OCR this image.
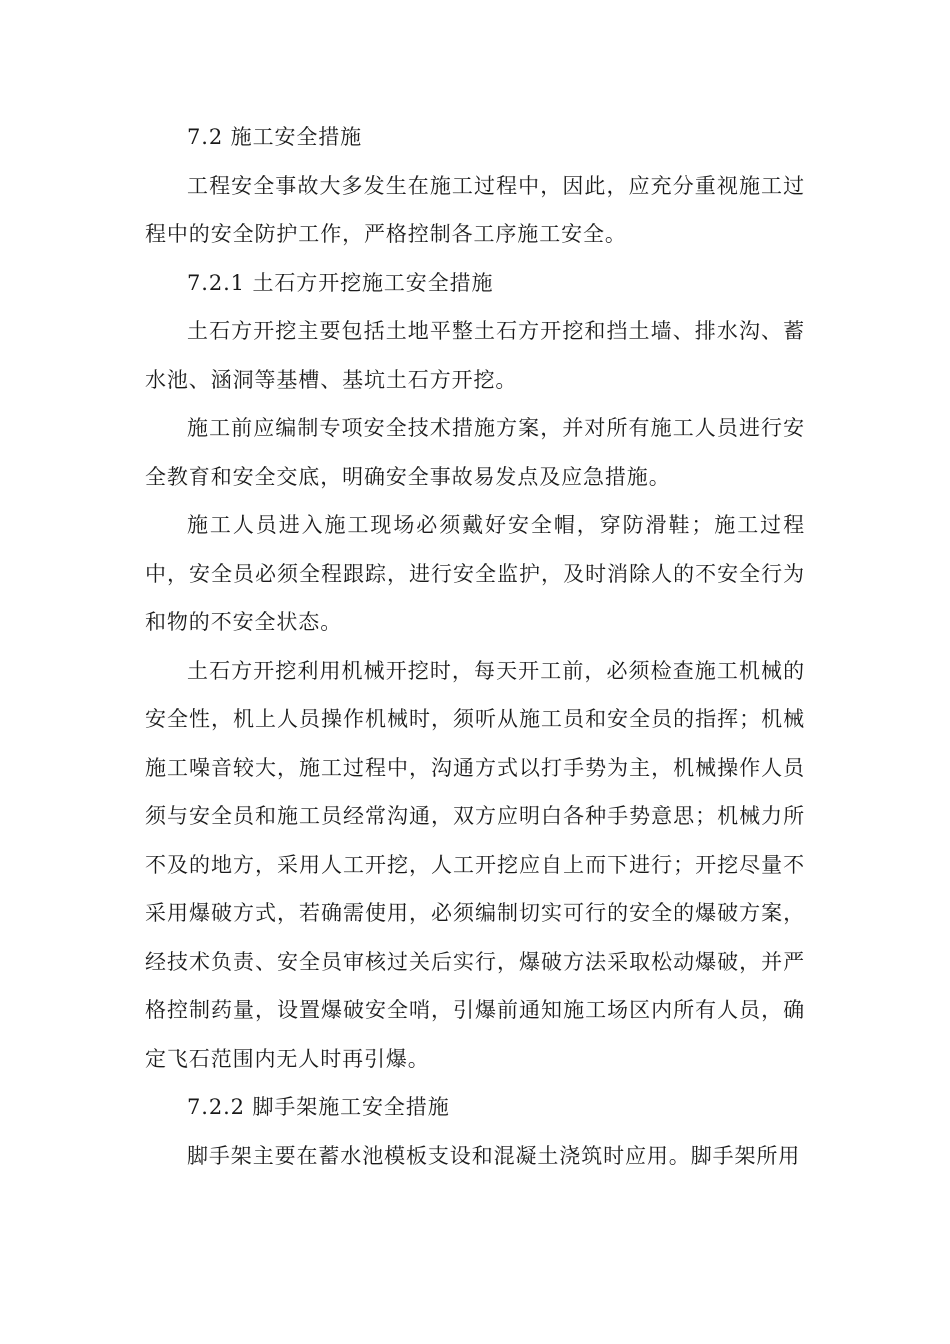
7.2 施工安全措施

工程安全事故大多发生在施工过程中，因此，应充分重视施工过程中的安全防护工作，严格控制各工序施工安全。

7.2.1 土石方开挖施工安全措施

土石方开挖主要包括土地平整土石方开挖和挡土墙、排水沟、蓄水池、涵洞等基槽、基坑土石方开挖。

施工前应编制专项安全技术措施方案，并对所有施工人员进行安全教育和安全交底，明确安全事故易发点及应急措施。

施工人员进入施工现场必须戴好安全帽，穿防滑鞋；施工过程中，安全员必须全程跟踪，进行安全监护，及时消除人的不安全行为和物的不安全状态。

土石方开挖利用机械开挖时，每天开工前，必须检查施工机械的安全性，机上人员操作机械时，须听从施工员和安全员的指挥；机械施工噪音较大，施工过程中，沟通方式以打手势为主，机械操作人员须与安全员和施工员经常沟通，双方应明白各种手势意思；机械力所不及的地方，采用人工开挖，人工开挖应自上而下进行；开挖尽量不采用爆破方式，若确需使用，必须编制切实可行的安全的爆破方案，经技术负责、安全员审核过关后实行，爆破方法采取松动爆破，并严格控制药量，设置爆破安全哨，引爆前通知施工场区内所有人员，确定飞石范围内无人时再引爆。

7.2.2 脚手架施工安全措施

脚手架主要在蓄水池模板支设和混凝土浇筑时应用。脚手架所用
